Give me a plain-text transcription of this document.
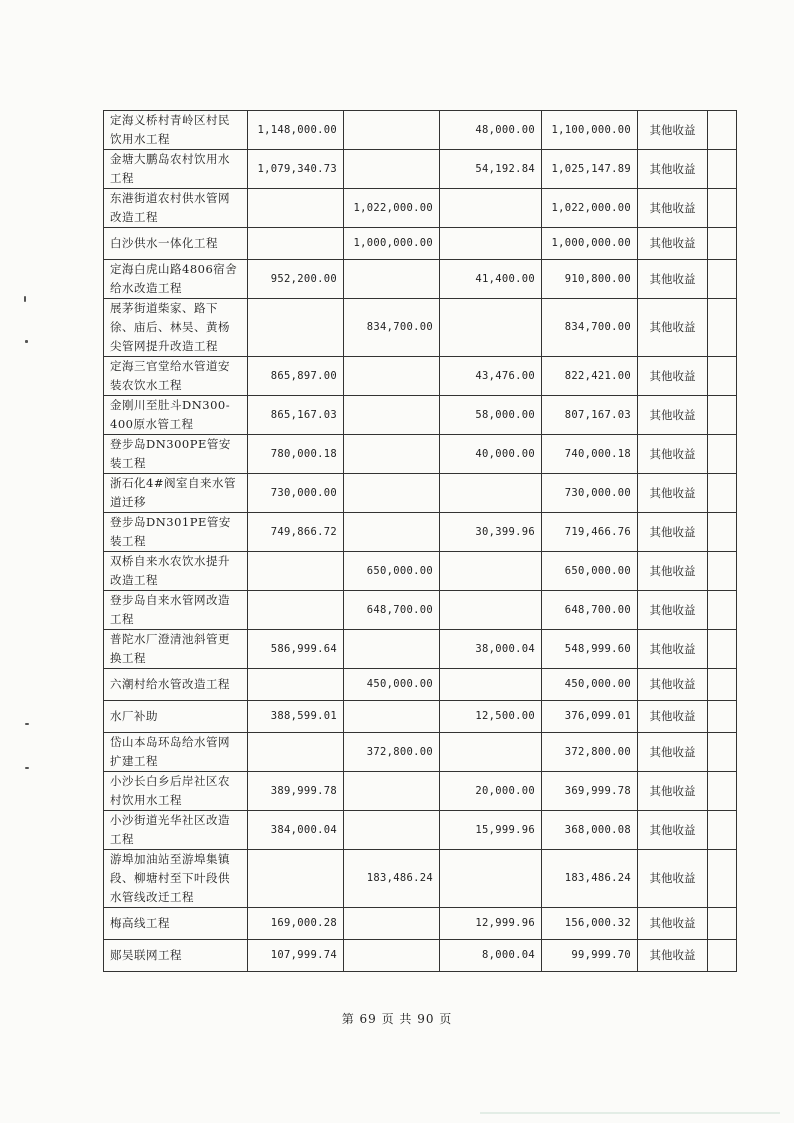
定海义桥村青岭区村民饮用水工程	1,148,000.00		48,000.00	1,100,000.00	其他收益	
金塘大鹏岛农村饮用水工程	1,079,340.73		54,192.84	1,025,147.89	其他收益	
东港街道农村供水管网改造工程		1,022,000.00		1,022,000.00	其他收益	
白沙供水一体化工程		1,000,000.00		1,000,000.00	其他收益	
定海白虎山路4806宿舍给水改造工程	952,200.00		41,400.00	910,800.00	其他收益	
展茅街道柴家、路下徐、庙后、林吴、黄杨尖管网提升改造工程		834,700.00		834,700.00	其他收益	
定海三官堂给水管道安装农饮水工程	865,897.00		43,476.00	822,421.00	其他收益	
金刚川至肚斗DN300-400原水管工程	865,167.03		58,000.00	807,167.03	其他收益	
登步岛DN300PE管安装工程	780,000.18		40,000.00	740,000.18	其他收益	
浙石化4#阀室自来水管道迁移	730,000.00			730,000.00	其他收益	
登步岛DN301PE管安装工程	749,866.72		30,399.96	719,466.76	其他收益	
双桥自来水农饮水提升改造工程		650,000.00		650,000.00	其他收益	
登步岛自来水管网改造工程		648,700.00		648,700.00	其他收益	
普陀水厂澄清池斜管更换工程	586,999.64		38,000.04	548,999.60	其他收益	
六潮村给水管改造工程		450,000.00		450,000.00	其他收益	
水厂补助	388,599.01		12,500.00	376,099.01	其他收益	
岱山本岛环岛给水管网扩建工程		372,800.00		372,800.00	其他收益	
小沙长白乡后岸社区农村饮用水工程	389,999.78		20,000.00	369,999.78	其他收益	
小沙街道光华社区改造工程	384,000.04		15,999.96	368,000.08	其他收益	
游埠加油站至游埠集镇段、柳塘村至下叶段供水管线改迁工程		183,486.24		183,486.24	其他收益	
梅高线工程	169,000.28		12,999.96	156,000.32	其他收益	
郧吴联网工程	107,999.74		8,000.04	99,999.70	其他收益	
第 69 页 共 90 页
